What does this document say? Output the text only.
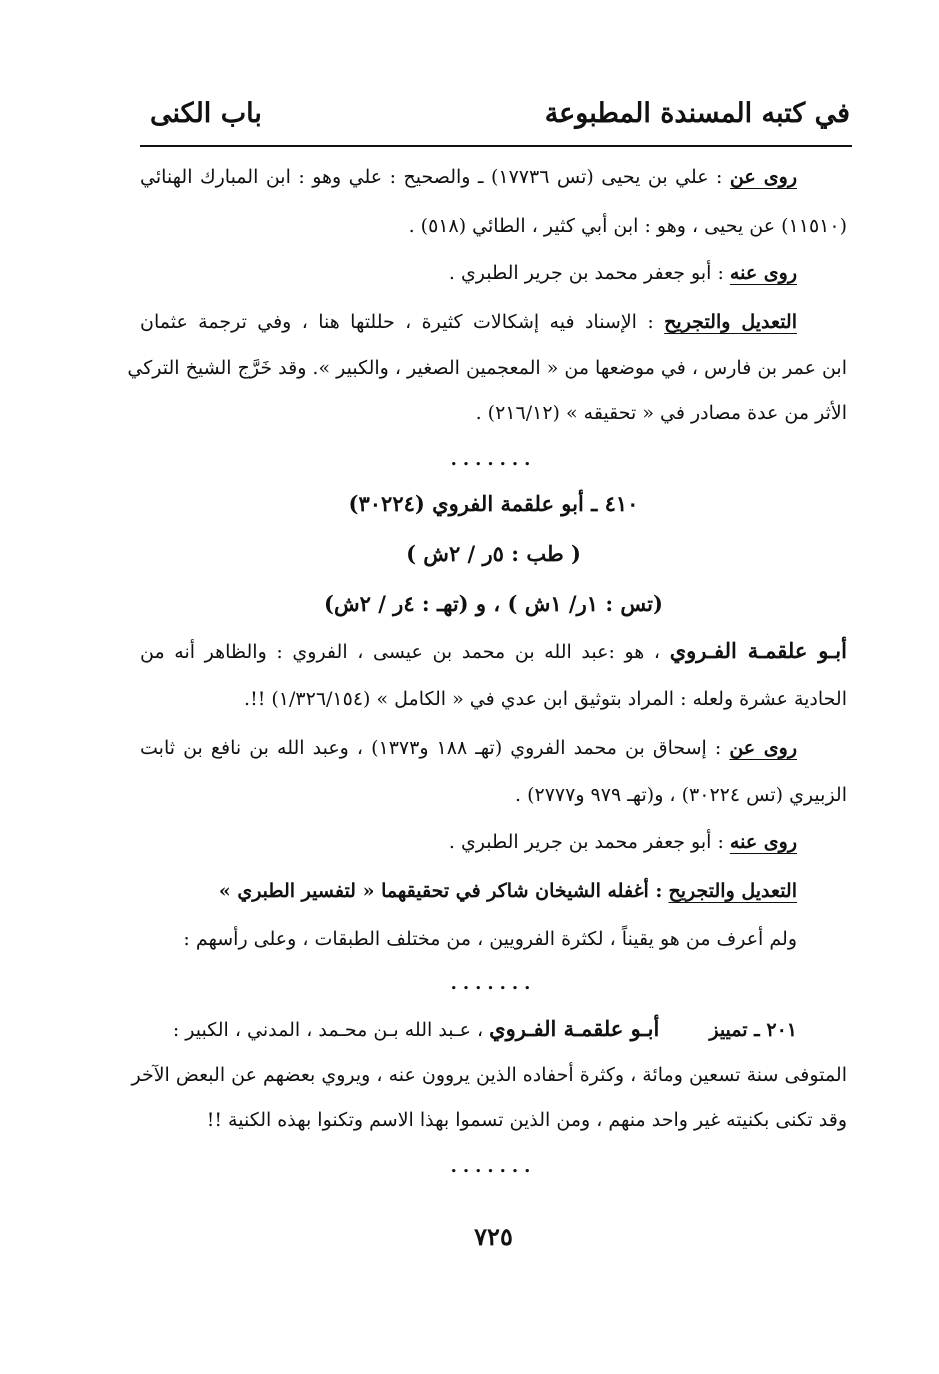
في كتبه المسندة المطبوعة
باب الكنى
روى عن : علي بن يحيى (تس ١٧٧٣٦) ـ والصحيح : علي وهو : ابن المبارك الهنائي
(١١٥١٠) عن يحيى ، وهو : ابن أبي كثير ، الطائي (٥١٨) .
روى عنه : أبو جعفر محمد بن جرير الطبري .
التعديل والتجريح : الإسناد فيه إشكالات كثيرة ، حللتها هنا ، وفي ترجمة عثمان
ابن عمر بن فارس ، في موضعها من « المعجمين الصغير ، والكبير ». وقد خَرَّج الشيخ التركي
الأثر من عدة مصادر في « تحقيقه » (٢١٦/١٢) .
.......
٤١٠ ـ أبو علقمة الفروي (٣٠٢٢٤)
( طب : ٥ر / ٢ش )
(تس : ١ر/ ١ش ) ، و (تهـ : ٤ر / ٢ش)
أبـو علقمـة الفـروي ، هو :عبد الله بن محمد بن عيسى ، الفروي : والظاهر أنه من
الحادية عشرة ولعله : المراد بتوثيق ابن عدي في « الكامل » (١/٣٢٦/١٥٤) !!.
روى عن : إسحاق بن محمد الفروي (تهـ ١٨٨ و١٣٧٣) ، وعبد الله بن نافع بن ثابت
الزبيري (تس ٣٠٢٢٤) ، و(تهـ ٩٧٩ و٢٧٧٧) .
روى عنه : أبو جعفر محمد بن جرير الطبري .
التعديل والتجريح : أغفله الشيخان شاكر في تحقيقهما « لتفسير الطبري »
ولم أعرف من هو يقيناً ، لكثرة الفرويين ، من مختلف الطبقات ، وعلى رأسهم :
.......
٢٠١ ـ تمييز أبـو علقمـة الفـروي ، عـبد الله بـن محـمد ، المدني ، الكبير :
المتوفى سنة تسعين ومائة ، وكثرة أحفاده الذين يروون عنه ، ويروي بعضهم عن البعض الآخر
وقد تكنى بكنيته غير واحد منهم ، ومن الذين تسموا بهذا الاسم وتكنوا بهذه الكنية !!
.......
٧٢٥
